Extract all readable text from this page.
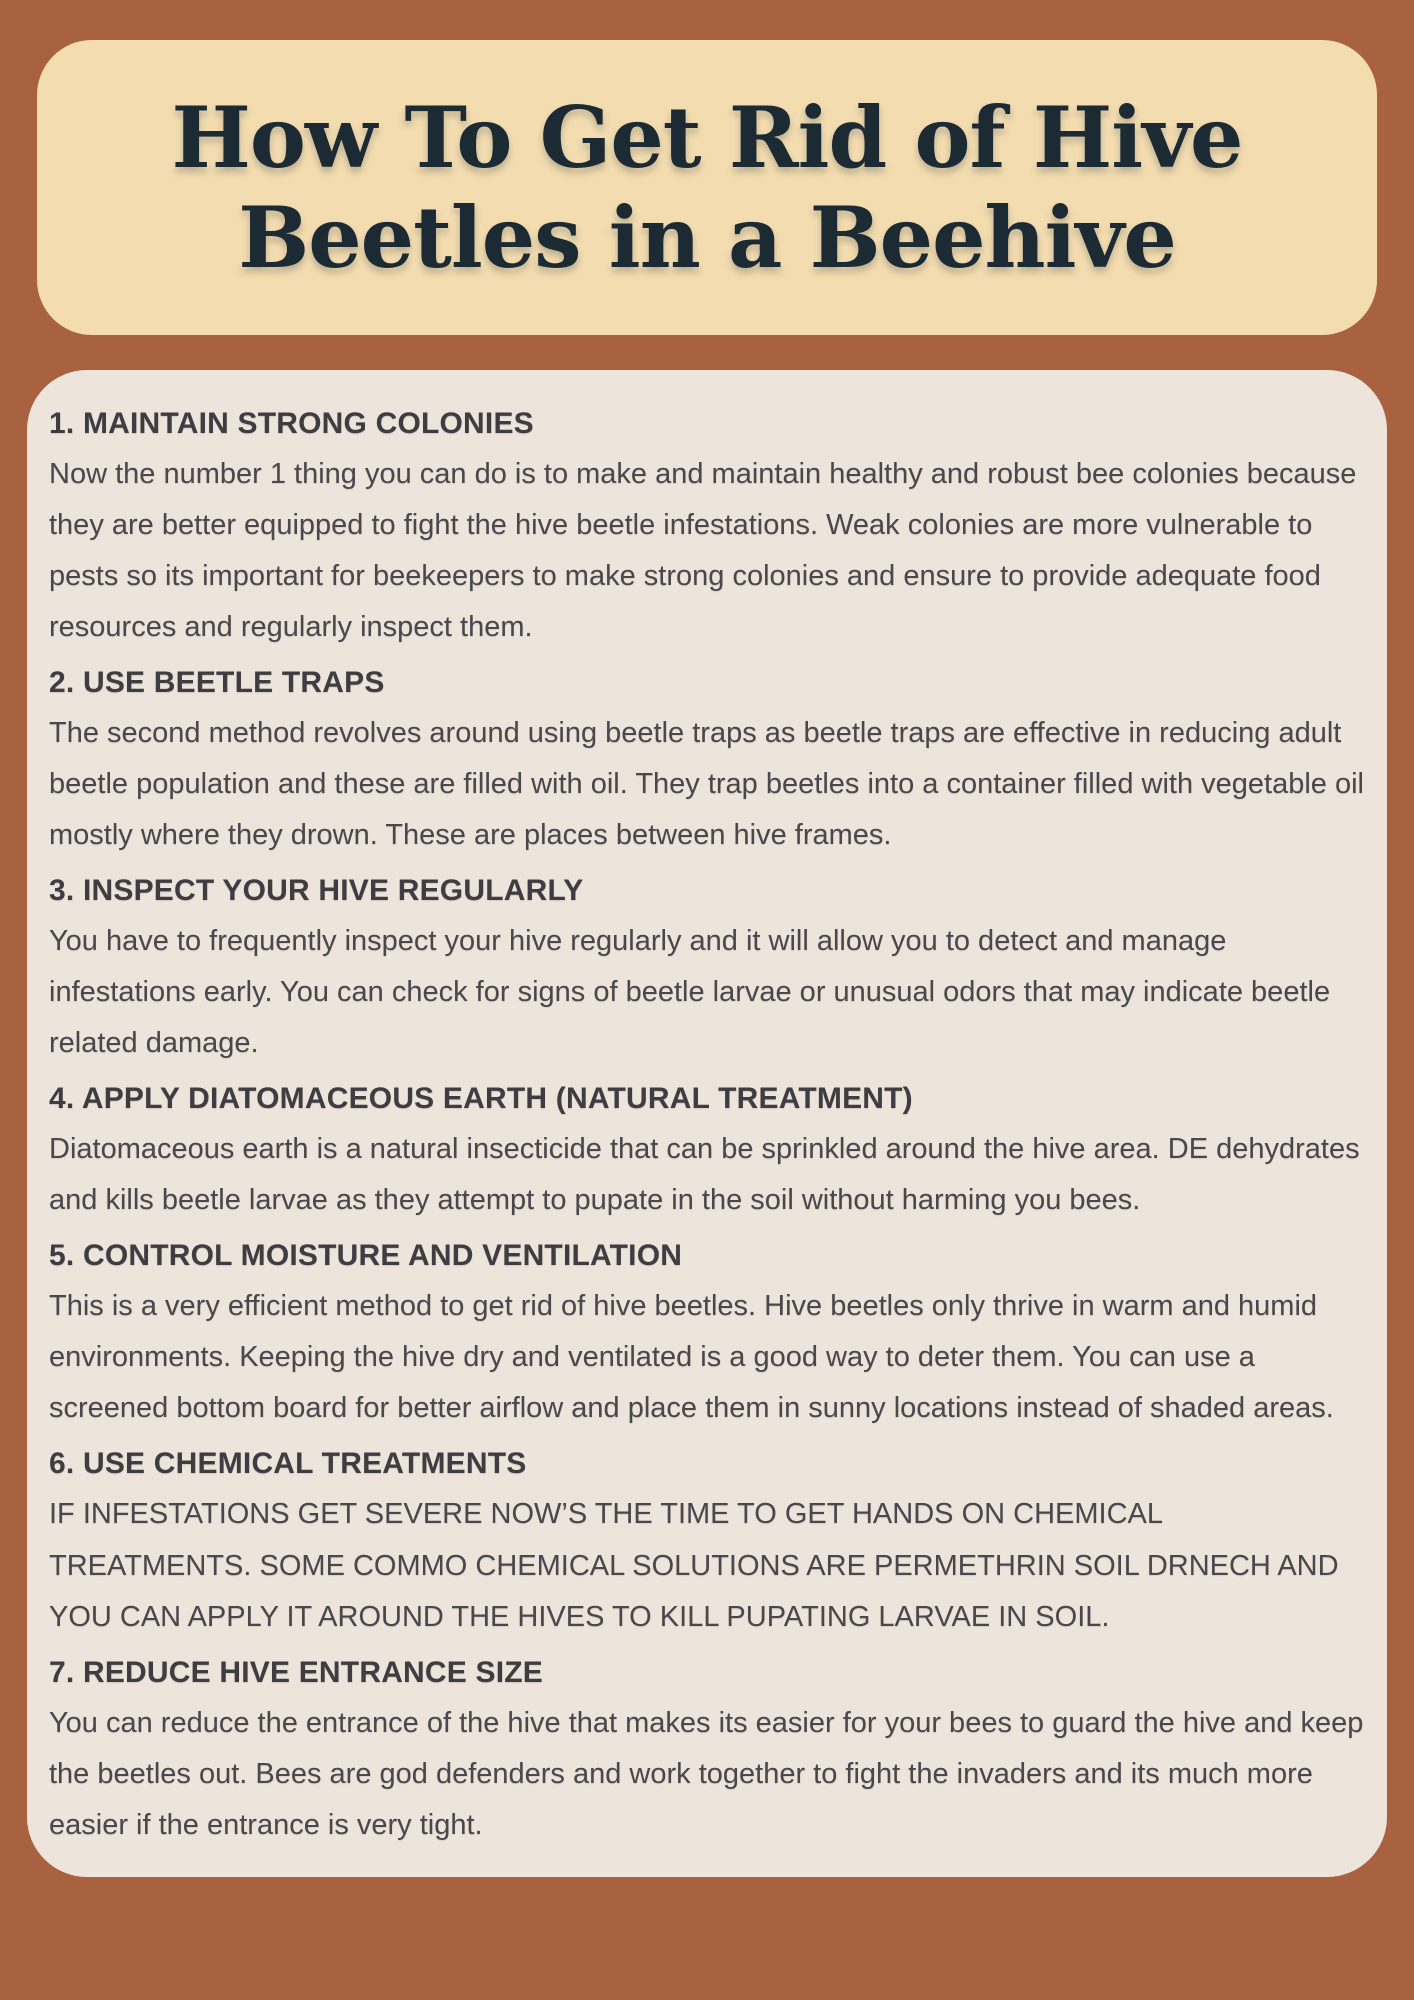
How To Get Rid of Hive Beetles in a Beehive
1. MAINTAIN STRONG COLONIES

Now the number 1 thing you can do is to make and maintain healthy and robust bee colonies because they are better equipped to fight the hive beetle infestations. Weak colonies are more vulnerable to pests so its important for beekeepers to make strong colonies and ensure to provide adequate food resources and regularly inspect them.

2. USE BEETLE TRAPS

The second method revolves around using beetle traps as beetle traps are effective in reducing adult beetle population and these are filled with oil. They trap beetles into a container filled with vegetable oil mostly where they drown. These are places between hive frames.

3. INSPECT YOUR HIVE REGULARLY

You have to frequently inspect your hive regularly and it will allow you to detect and manage infestations early. You can check for signs of beetle larvae or unusual odors that may indicate beetle related damage.

4. APPLY DIATOMACEOUS EARTH (NATURAL TREATMENT)

Diatomaceous earth is a natural insecticide that can be sprinkled around the hive area. DE dehydrates and kills beetle larvae as they attempt to pupate in the soil without harming you bees.

5. CONTROL MOISTURE AND VENTILATION

This is a very efficient method to get rid of hive beetles. Hive beetles only thrive in warm and humid environments. Keeping the hive dry and ventilated is a good way to deter them. You can use a screened bottom board for better airflow and place them in sunny locations instead of shaded areas.

6. USE CHEMICAL TREATMENTS

IF INFESTATIONS GET SEVERE NOW’S THE TIME TO GET HANDS ON CHEMICAL TREATMENTS. SOME COMMO CHEMICAL SOLUTIONS ARE PERMETHRIN SOIL DRNECH AND YOU CAN APPLY IT AROUND THE HIVES TO KILL PUPATING LARVAE IN SOIL.

7. REDUCE HIVE ENTRANCE SIZE

You can reduce the entrance of the hive that makes its easier for your bees to guard the hive and keep the beetles out. Bees are god defenders and work together to fight the invaders and its much more easier if the entrance is very tight.
